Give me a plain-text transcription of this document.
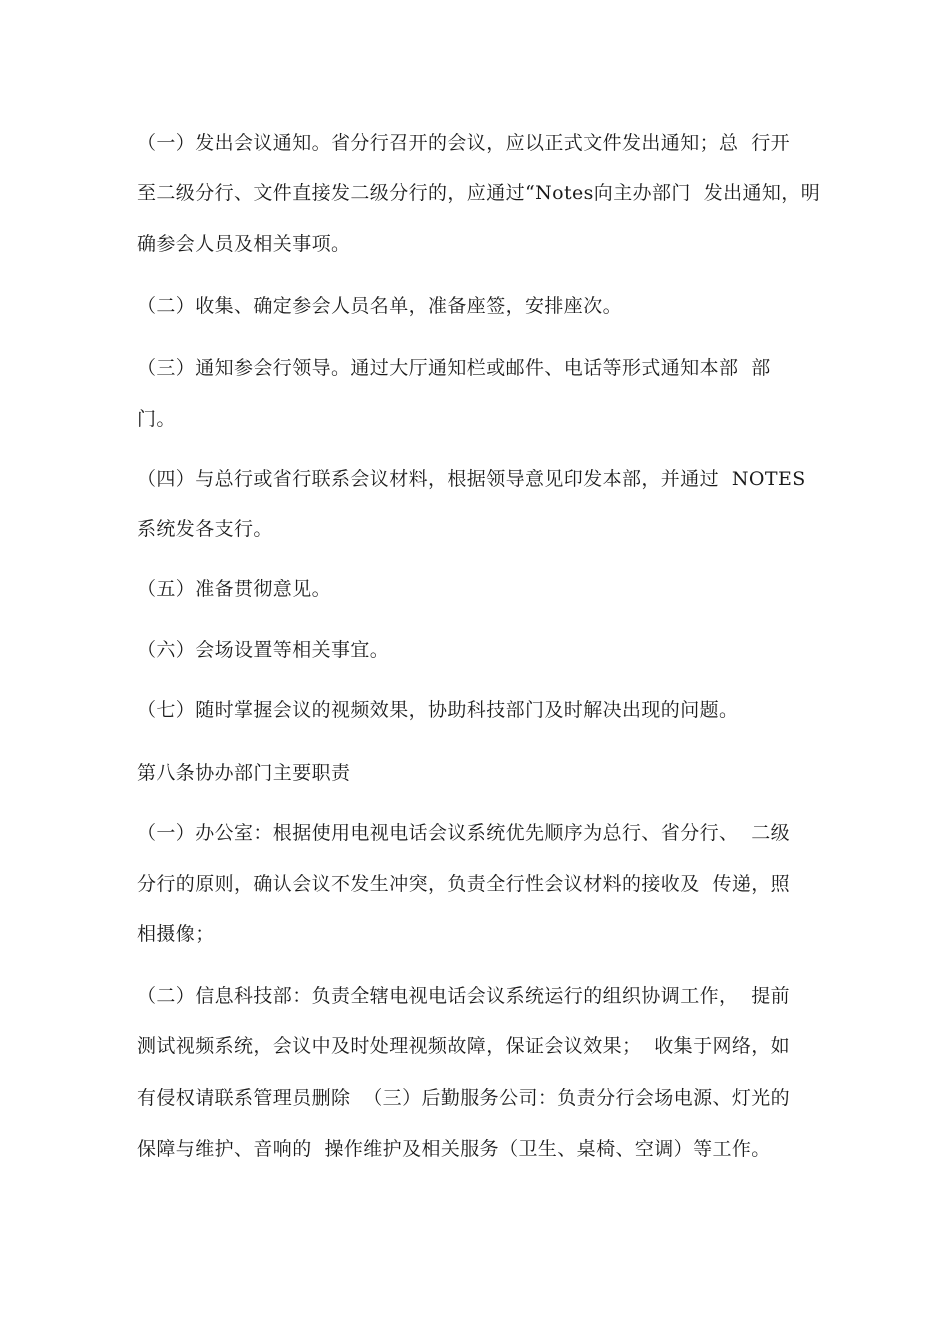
（一）发出会议通知。省分行召开的会议，应以正式文件发出通知；总  行开

至二级分行、文件直接发二级分行的，应通过“Notes向主办部门  发出通知，明

确参会人员及相关事项。

（二）收集、确定参会人员名单，准备座签，安排座次。

（三）通知参会行领导。通过大厅通知栏或邮件、电话等形式通知本部  部

门。

（四）与总行或省行联系会议材料，根据领导意见印发本部，并通过  NOTES

系统发各支行。

（五）准备贯彻意见。

（六）会场设置等相关事宜。

（七）随时掌握会议的视频效果，协助科技部门及时解决出现的问题。

第八条协办部门主要职责

（一）办公室：根据使用电视电话会议系统优先顺序为总行、省分行、  二级

分行的原则，确认会议不发生冲突，负责全行性会议材料的接收及  传递，照

相摄像；

（二）信息科技部：负责全辖电视电话会议系统运行的组织协调工作，  提前

测试视频系统，会议中及时处理视频故障，保证会议效果；  收集于网络，如

有侵权请联系管理员删除  （三）后勤服务公司：负责分行会场电源、灯光的

保障与维护、音响的  操作维护及相关服务（卫生、桌椅、空调）等工作。
